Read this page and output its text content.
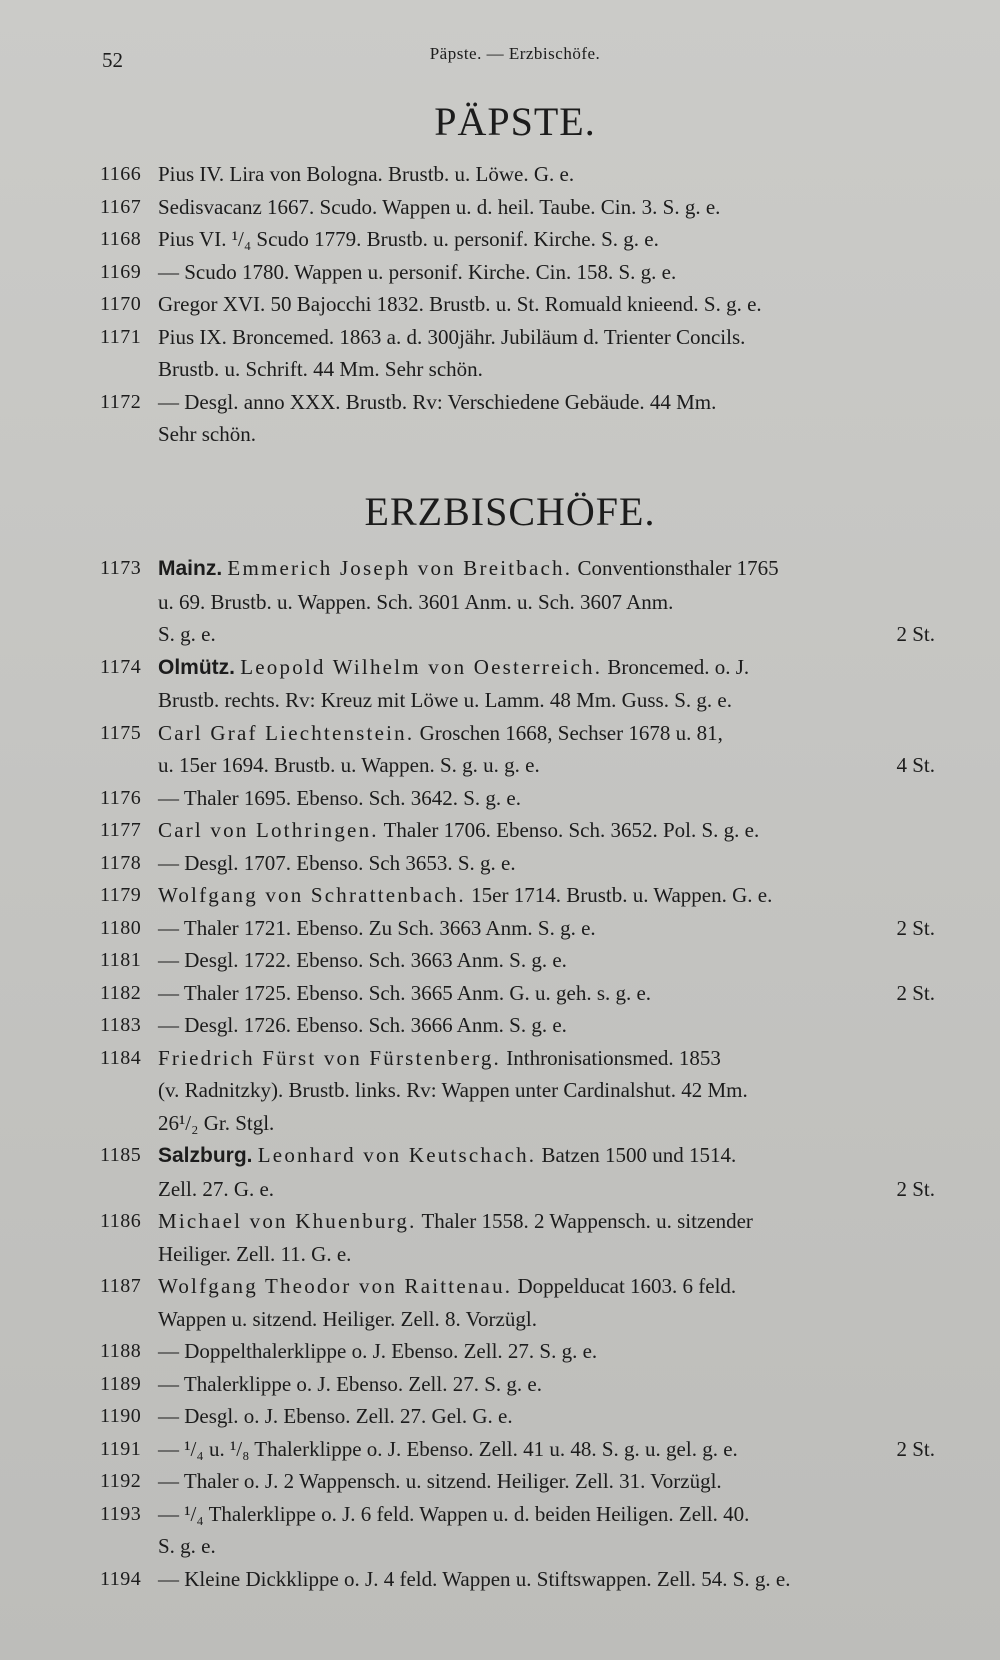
52	Päpste. — Erzbischöfe.
PÄPSTE.
1166 Pius IV. Lira von Bologna. Brustb. u. Löwe. G. e.
1167 Sedisvacanz 1667. Scudo. Wappen u. d. heil. Taube. Cin. 3. S. g. e.
1168 Pius VI. ¹/₄ Scudo 1779. Brustb. u. personif. Kirche. S. g. e.
1169 — Scudo 1780. Wappen u. personif. Kirche. Cin. 158. S. g. e.
1170 Gregor XVI. 50 Bajocchi 1832. Brustb. u. St. Romuald knieend. S. g. e.
1171 Pius IX. Broncemed. 1863 a. d. 300jähr. Jubiläum d. Trienter Concils.
Brustb. u. Schrift. 44 Mm. Sehr schön.
1172 — Desgl. anno XXX. Brustb. Rv: Verschiedene Gebäude. 44 Mm.
Sehr schön.
ERZBISCHÖFE.
1173 Mainz. Emmerich Joseph von Breitbach. Conventionsthaler 1765
u. 69. Brustb. u. Wappen. Sch. 3601 Anm. u. Sch. 3607 Anm.
S. g. e.	2 St.
1174 Olmütz. Leopold Wilhelm von Oesterreich. Broncemed. o. J.
Brustb. rechts. Rv: Kreuz mit Löwe u. Lamm. 48 Mm. Guss. S. g. e.
1175 Carl Graf Liechtenstein. Groschen 1668, Sechser 1678 u. 81,
u. 15er 1694. Brustb. u. Wappen. S. g. u. g. e.	4 St.
1176 — Thaler 1695. Ebenso. Sch. 3642. S. g. e.
1177 Carl von Lothringen. Thaler 1706. Ebenso. Sch. 3652. Pol. S. g. e.
1178 — Desgl. 1707. Ebenso. Sch 3653. S. g. e.
1179 Wolfgang von Schrattenbach. 15er 1714. Brustb. u. Wappen. G. e.
1180 — Thaler 1721. Ebenso. Zu Sch. 3663 Anm. S. g. e.	2 St.
1181 — Desgl. 1722. Ebenso. Sch. 3663 Anm. S. g. e.
1182 — Thaler 1725. Ebenso. Sch. 3665 Anm. G. u. geh. s. g. e.	2 St.
1183 — Desgl. 1726. Ebenso. Sch. 3666 Anm. S. g. e.
1184 Friedrich Fürst von Fürstenberg. Inthronisationsmed. 1853
(v. Radnitzky). Brustb. links. Rv: Wappen unter Cardinalshut. 42 Mm.
26¹/₂ Gr. Stgl.
1185 Salzburg. Leonhard von Keutschach. Batzen 1500 und 1514.
Zell. 27. G. e.	2 St.
1186 Michael von Khuenburg. Thaler 1558. 2 Wappensch. u. sitzender
Heiliger. Zell. 11. G. e.
1187 Wolfgang Theodor von Raittenau. Doppelducat 1603. 6 feld.
Wappen u. sitzend. Heiliger. Zell. 8. Vorzügl.
1188 — Doppelthalerklippe o. J. Ebenso. Zell. 27. S. g. e.
1189 — Thalerklippe o. J. Ebenso. Zell. 27. S. g. e.
1190 — Desgl. o. J. Ebenso. Zell. 27. Gel. G. e.
1191 — ¹/₄ u. ¹/₈ Thalerklippe o. J. Ebenso. Zell. 41 u. 48. S. g. u. gel. g. e.	2 St.
1192 — Thaler o. J. 2 Wappensch. u. sitzend. Heiliger. Zell. 31. Vorzügl.
1193 — ¹/₄ Thalerklippe o. J. 6 feld. Wappen u. d. beiden Heiligen. Zell. 40.
S. g. e.
1194 — Kleine Dickklippe o. J. 4 feld. Wappen u. Stiftswappen. Zell. 54. S. g. e.
